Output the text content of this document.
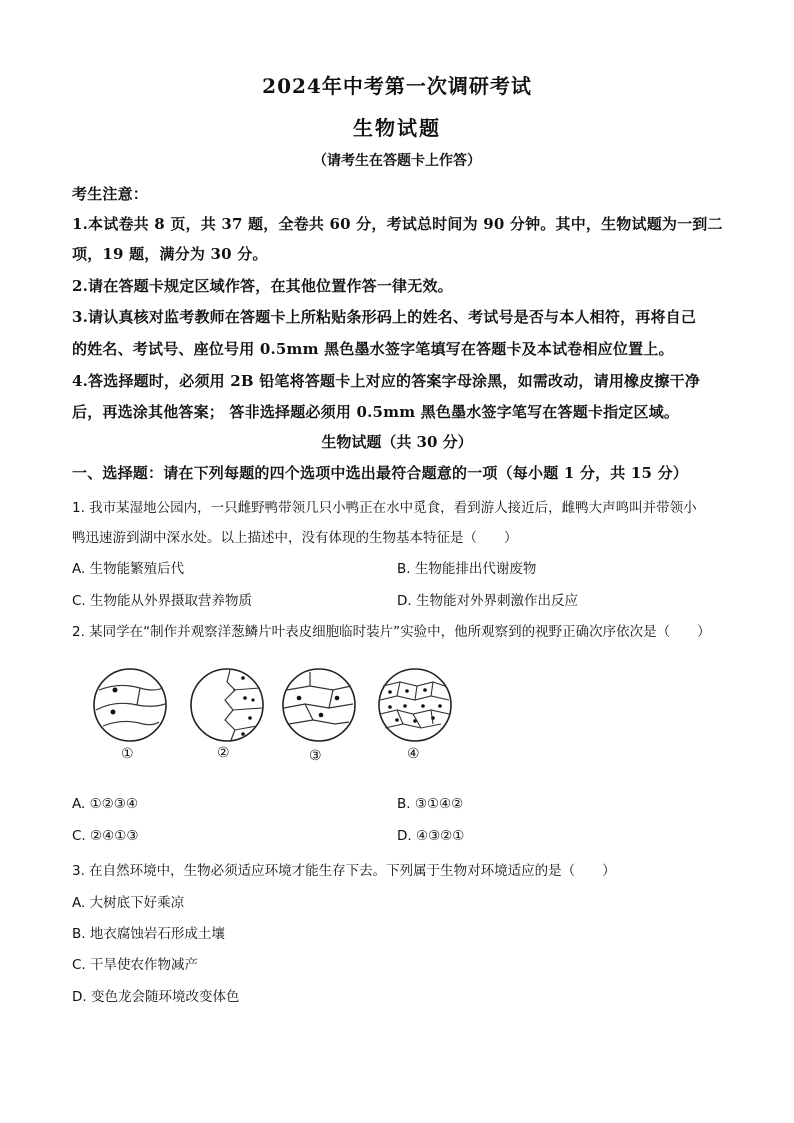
2024年中考第一次调研考试
生物试题
（请考生在答题卡上作答）
考生注意：
1.本试卷共 8 页，共 37 题，全卷共 60 分，考试总时间为 90 分钟。其中，生物试题为一到二
项，19 题，满分为 30 分。
2.请在答题卡规定区域作答，在其他位置作答一律无效。
3.请认真核对监考教师在答题卡上所粘贴条形码上的姓名、考试号是否与本人相符，再将自己
的姓名、考试号、座位号用 0.5mm 黑色墨水签字笔填写在答题卡及本试卷相应位置上。
4.答选择题时，必须用 2B 铅笔将答题卡上对应的答案字母涂黑，如需改动，请用橡皮擦干净
后，再选涂其他答案； 答非选择题必须用 0.5mm 黑色墨水签字笔写在答题卡指定区域。
生物试题（共 30 分）
一、选择题：请在下列每题的四个选项中选出最符合题意的一项（每小题 1 分，共 15 分）
1. 我市某湿地公园内，一只雌野鸭带领几只小鸭正在水中觅食，看到游人接近后，雌鸭大声鸣叫并带领小
鸭迅速游到湖中深水处。以上描述中，没有体现的生物基本特征是（　　）
A. 生物能繁殖后代	B. 生物能排出代谢废物
C. 生物能从外界摄取营养物质	D. 生物能对外界刺激作出反应
2. 某同学在“制作并观察洋葱鳞片叶表皮细胞临时装片”实验中，他所观察到的视野正确次序依次是（　　）
①	②	③	④
A. ①②③④	B. ③①④②
C. ②④①③	D. ④③②①
3. 在自然环境中，生物必须适应环境才能生存下去。下列属于生物对环境适应的是（　　）
A. 大树底下好乘凉
B. 地衣腐蚀岩石形成土壤
C. 干旱使农作物减产
D. 变色龙会随环境改变体色
